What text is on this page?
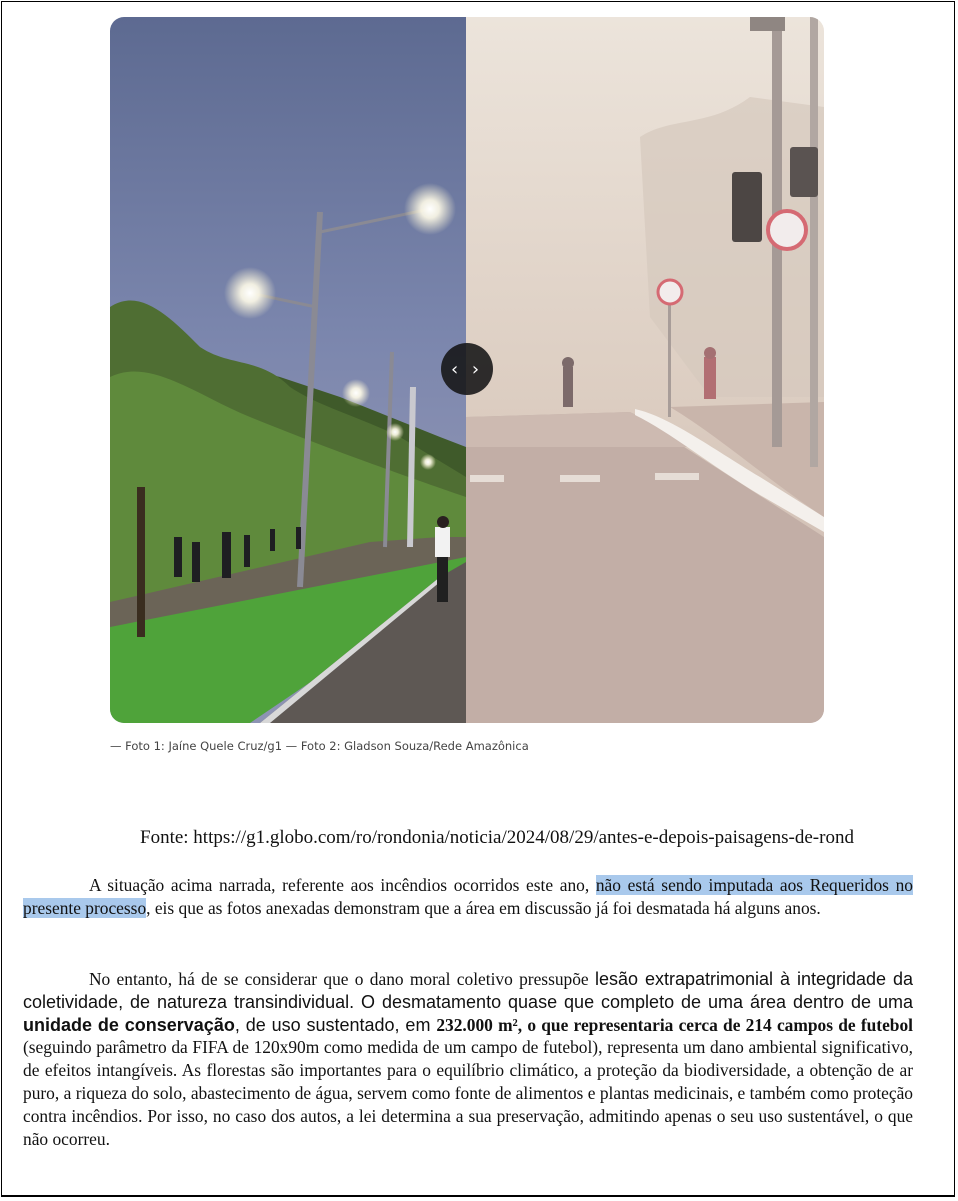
‹ ›
— Foto 1: Jaíne Quele Cruz/g1 — Foto 2: Gladson Souza/Rede Amazônica
Fonte: https://g1.globo.com/ro/rondonia/noticia/2024/08/29/antes-e-depois-paisagens-de-rond

A situação acima narrada, referente aos incêndios ocorridos este ano, não está sendo imputada aos Requeridos no presente processo, eis que as fotos anexadas demonstram que a área em discussão já foi desmatada há alguns anos.

No entanto, há de se considerar que o dano moral coletivo pressupõe lesão extrapatrimonial à integridade da coletividade, de natureza transindividual. O desmatamento quase que completo de uma área dentro de uma unidade de conservação, de uso sustentado, em 232.000 m², o que representaria cerca de 214 campos de futebol (seguindo parâmetro da FIFA de 120x90m como medida de um campo de futebol), representa um dano ambiental significativo, de efeitos intangíveis. As florestas são importantes para o equilíbrio climático, a proteção da biodiversidade, a obtenção de ar puro, a riqueza do solo, abastecimento de água, servem como fonte de alimentos e plantas medicinais, e também como proteção contra incêndios. Por isso, no caso dos autos, a lei determina a sua preservação, admitindo apenas o seu uso sustentável, o que não ocorreu.
